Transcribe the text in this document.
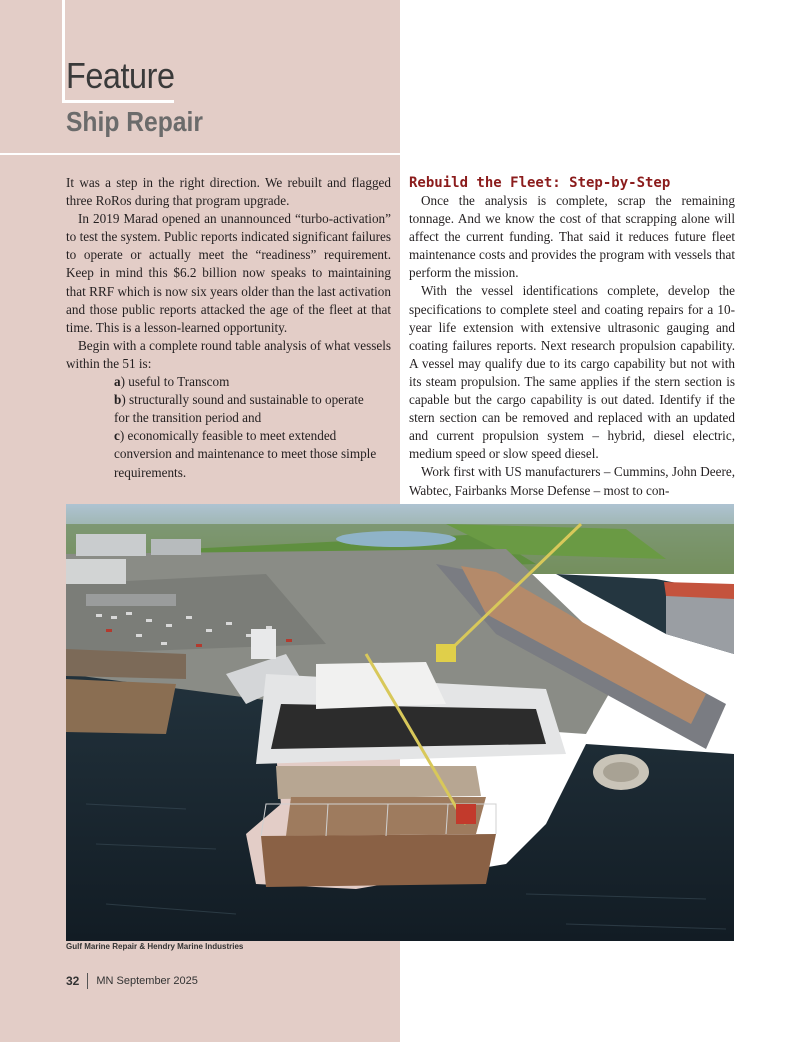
Feature
Ship Repair

It was a step in the right direction. We rebuilt and flagged three RoRos during that program upgrade.

In 2019 Marad opened an unannounced “turbo-activation” to test the system. Public reports indicated significant failures to operate or actually meet the “readiness” requirement. Keep in mind this $6.2 billion now speaks to maintaining that RRF which is now six years older than the last activation and those public reports attacked the age of the fleet at that time. This is a lesson-learned opportunity.

Begin with a complete round table analysis of what vessels within the 51 is:

a) useful to Transcom

b) structurally sound and sustainable to operate

for the transition period and

c) economically feasible to meet extended

conversion and maintenance to meet those simple requirements.

Rebuild the Fleet: Step-by-Step

Once the analysis is complete, scrap the remaining tonnage. And we know the cost of that scrapping alone will affect the current funding. That said it reduces future fleet maintenance costs and provides the program with vessels that perform the mission.

With the vessel identifications complete, develop the specifications to complete steel and coating repairs for a 10-year life extension with extensive ultrasonic gauging and coating failures reports. Next research propulsion capability. A vessel may qualify due to its cargo capability but not with its steam propulsion. The same applies if the stern section is capable but the cargo capability is out dated. Identify if the stern section can be removed and replaced with an updated and current propulsion system – hybrid, diesel electric, medium speed or slow speed diesel.

Work first with US manufacturers – Cummins, John Deere, Wabtec, Fairbanks Morse Defense – most to con-

Gulf Marine Repair & Hendry Marine Industries
32 MN
September 2025
